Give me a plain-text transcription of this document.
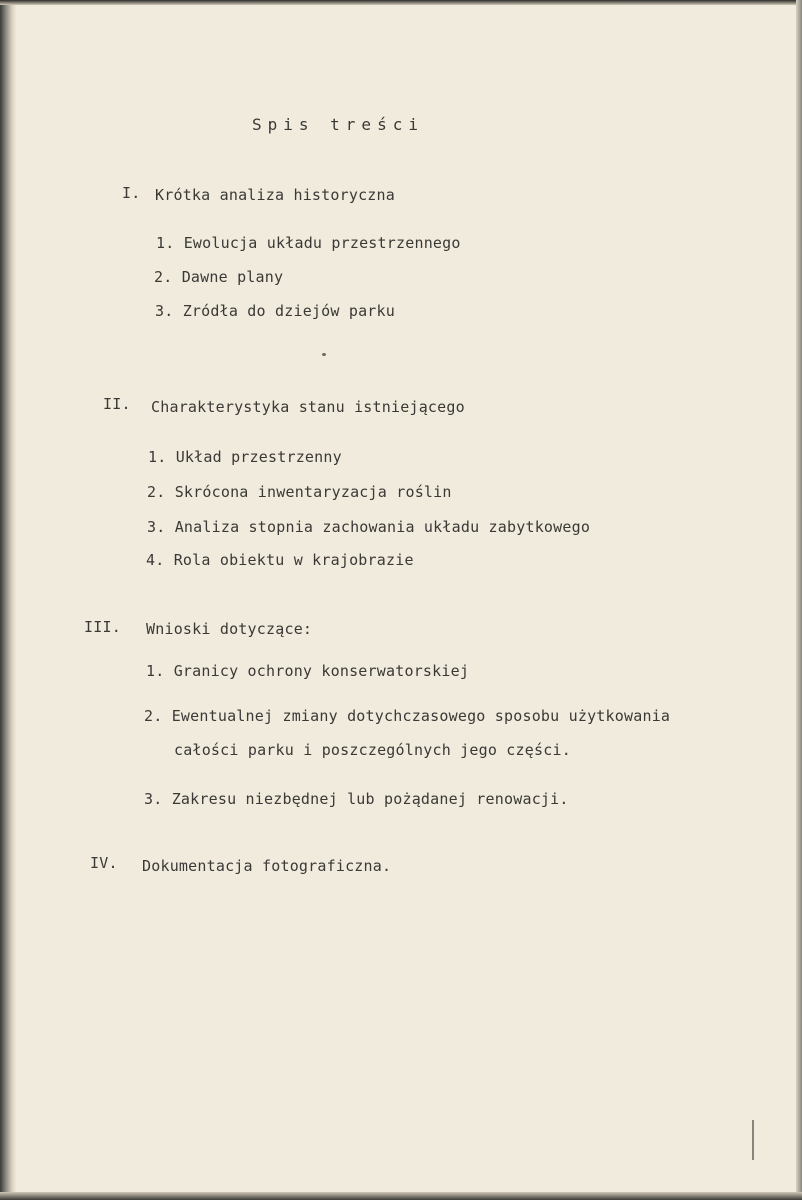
Spis treści
I. Krótka analiza historyczna
1. Ewolucja układu przestrzennego
2. Dawne plany
3. Zródła do dziejów parku
II. Charakterystyka stanu istniejącego
1. Układ przestrzenny
2. Skrócona inwentaryzacja roślin
3. Analiza stopnia zachowania układu zabytkowego
4. Rola obiektu w krajobrazie
III. Wnioski dotyczące:
1. Granicy ochrony konserwatorskiej
2. Ewentualnej zmiany dotychczasowego sposobu użytkowania
całości parku i poszczególnych jego części.
3. Zakresu niezbędnej lub pożądanej renowacji.
IV. Dokumentacja fotograficzna.
